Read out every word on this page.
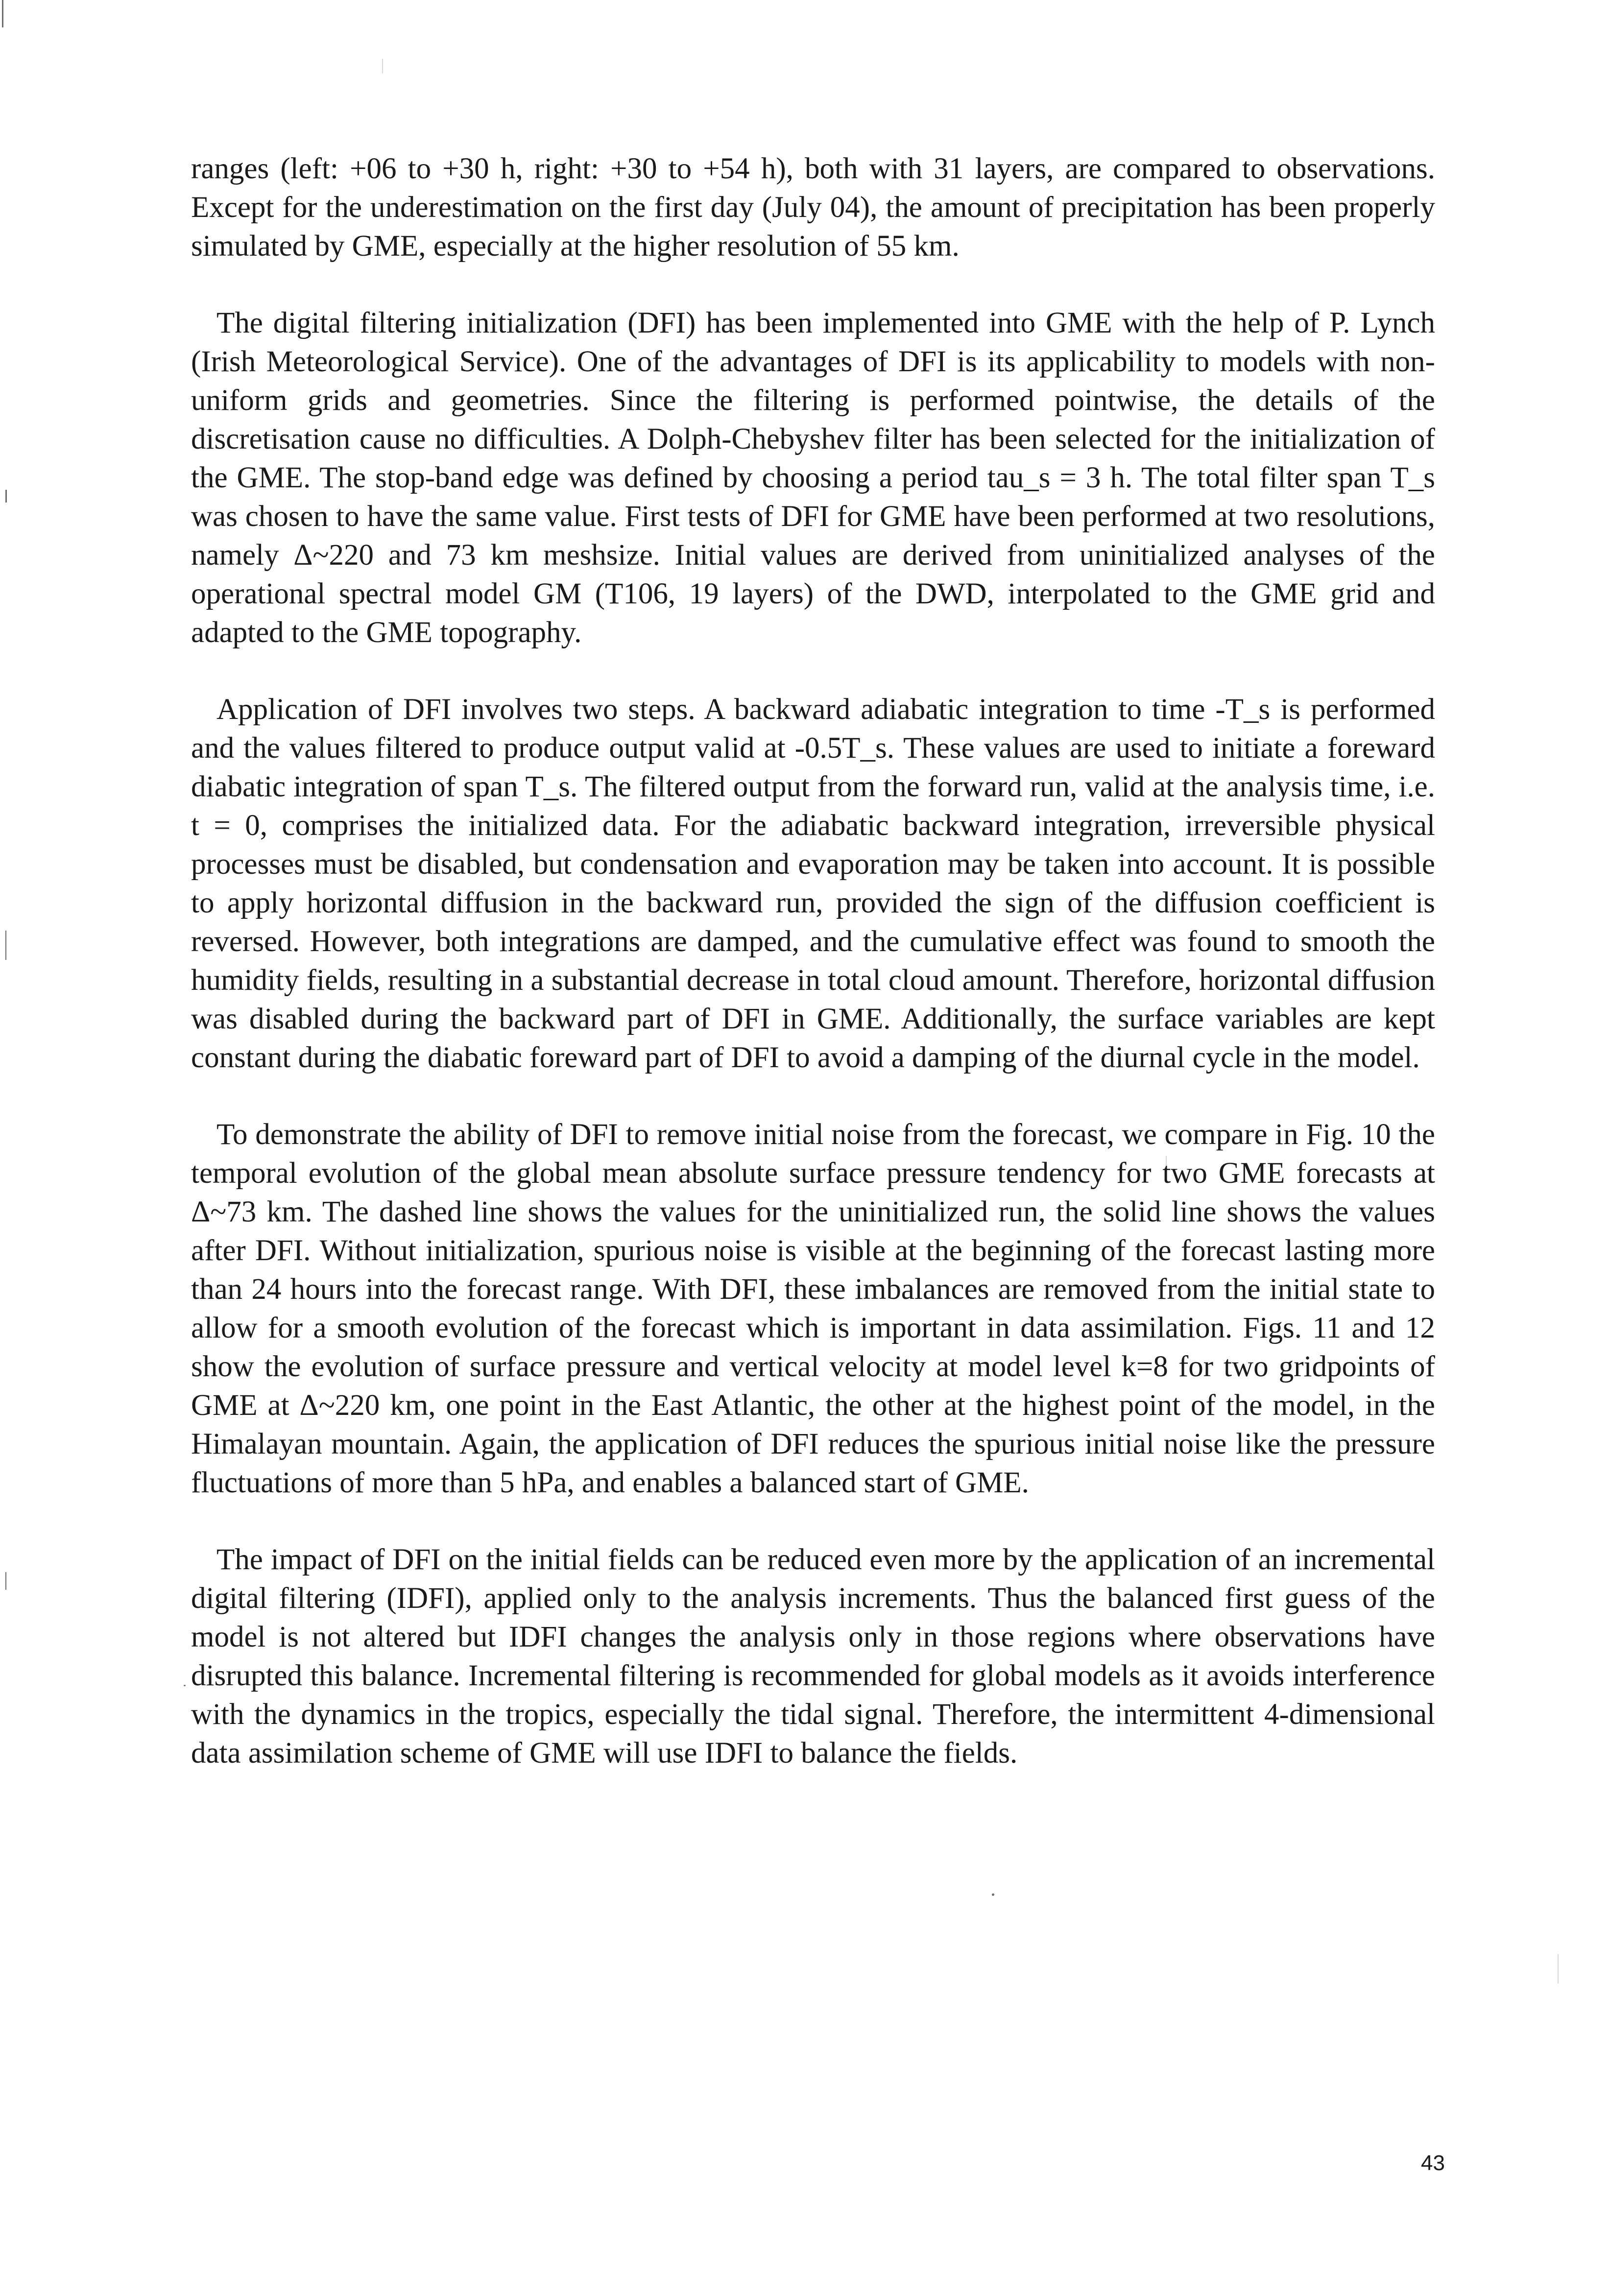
ranges (left: +06 to +30 h, right: +30 to +54 h), both with 31 layers, are compared to observations. Except for the underestimation on the first day (July 04), the amount of precipitation has been properly simulated by GME, especially at the higher resolution of 55 km.

The digital filtering initialization (DFI) has been implemented into GME with the help of P. Lynch (Irish Meteorological Service). One of the advantages of DFI is its applicability to models with non-uniform grids and geometries. Since the filtering is performed pointwise, the details of the discretisation cause no difficulties. A Dolph-Chebyshev filter has been selected for the initialization of the GME. The stop-band edge was defined by choosing a period tau_s = 3 h. The total filter span T_s was chosen to have the same value. First tests of DFI for GME have been performed at two resolutions, namely Δ~220 and 73 km meshsize. Initial values are derived from uninitialized analyses of the operational spectral model GM (T106, 19 layers) of the DWD, interpolated to the GME grid and adapted to the GME topography.

Application of DFI involves two steps. A backward adiabatic integration to time -T_s is performed and the values filtered to produce output valid at -0.5T_s. These values are used to initiate a foreward diabatic integration of span T_s. The filtered output from the forward run, valid at the analysis time, i.e. t = 0, comprises the initialized data. For the adiabatic backward integration, irreversible physical processes must be disabled, but condensation and evaporation may be taken into account. It is possible to apply horizontal diffusion in the backward run, provided the sign of the diffusion coefficient is reversed. However, both integrations are damped, and the cumulative effect was found to smooth the humidity fields, resulting in a substantial decrease in total cloud amount. Therefore, horizontal diffusion was disabled during the backward part of DFI in GME. Additionally, the surface variables are kept constant during the diabatic foreward part of DFI to avoid a damping of the diurnal cycle in the model.

To demonstrate the ability of DFI to remove initial noise from the forecast, we compare in Fig. 10 the temporal evolution of the global mean absolute surface pressure tendency for two GME forecasts at Δ~73 km. The dashed line shows the values for the uninitialized run, the solid line shows the values after DFI. Without initialization, spurious noise is visible at the beginning of the forecast lasting more than 24 hours into the forecast range. With DFI, these imbalances are removed from the initial state to allow for a smooth evolution of the forecast which is important in data assimilation. Figs. 11 and 12 show the evolution of surface pressure and vertical velocity at model level k=8 for two gridpoints of GME at Δ~220 km, one point in the East Atlantic, the other at the highest point of the model, in the Himalayan mountain. Again, the application of DFI reduces the spurious initial noise like the pressure fluctuations of more than 5 hPa, and enables a balanced start of GME.

The impact of DFI on the initial fields can be reduced even more by the application of an incremental digital filtering (IDFI), applied only to the analysis increments. Thus the balanced first guess of the model is not altered but IDFI changes the analysis only in those regions where observations have disrupted this balance. Incremental filtering is recommended for global models as it avoids interference with the dynamics in the tropics, especially the tidal signal. Therefore, the intermittent 4-dimensional data assimilation scheme of GME will use IDFI to balance the fields.

43
